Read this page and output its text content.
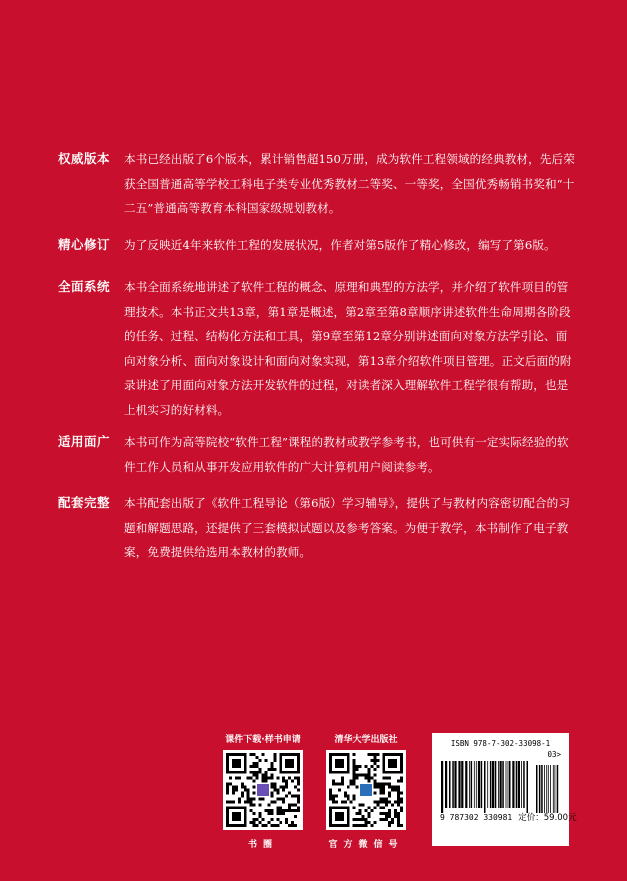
权威版本	本书已经出版了6个版本，累计销售超150万册，成为软件工程领域的经典教材，先后荣获全国普通高等学校工科电子类专业优秀教材二等奖、一等奖，全国优秀畅销书奖和“十二五”普通高等教育本科国家级规划教材。
精心修订	为了反映近4年来软件工程的发展状况，作者对第5版作了精心修改，编写了第6版。
全面系统	本书全面系统地讲述了软件工程的概念、原理和典型的方法学，并介绍了软件项目的管理技术。本书正文共13章，第1章是概述，第2章至第8章顺序讲述软件生命周期各阶段的任务、过程、结构化方法和工具，第9章至第12章分别讲述面向对象方法学引论、面向对象分析、面向对象设计和面向对象实现，第13章介绍软件项目管理。正文后面的附录讲述了用面向对象方法开发软件的过程，对读者深入理解软件工程学很有帮助，也是上机实习的好材料。
适用面广	本书可作为高等院校“软件工程”课程的教材或教学参考书，也可供有一定实际经验的软件工作人员和从事开发应用软件的广大计算机用户阅读参考。
配套完整	本书配套出版了《软件工程导论（第6版）学习辅导》，提供了与教材内容密切配合的习题和解题思路，还提供了三套模拟试题以及参考答案。为便于教学，本书制作了电子教案，免费提供给选用本教材的教师。
课件下载·样书申请
书圈
清华大学出版社
官方微信号
ISBN 978-7-302-33098-1
03>
9 787302 330981 定价：59.00元
